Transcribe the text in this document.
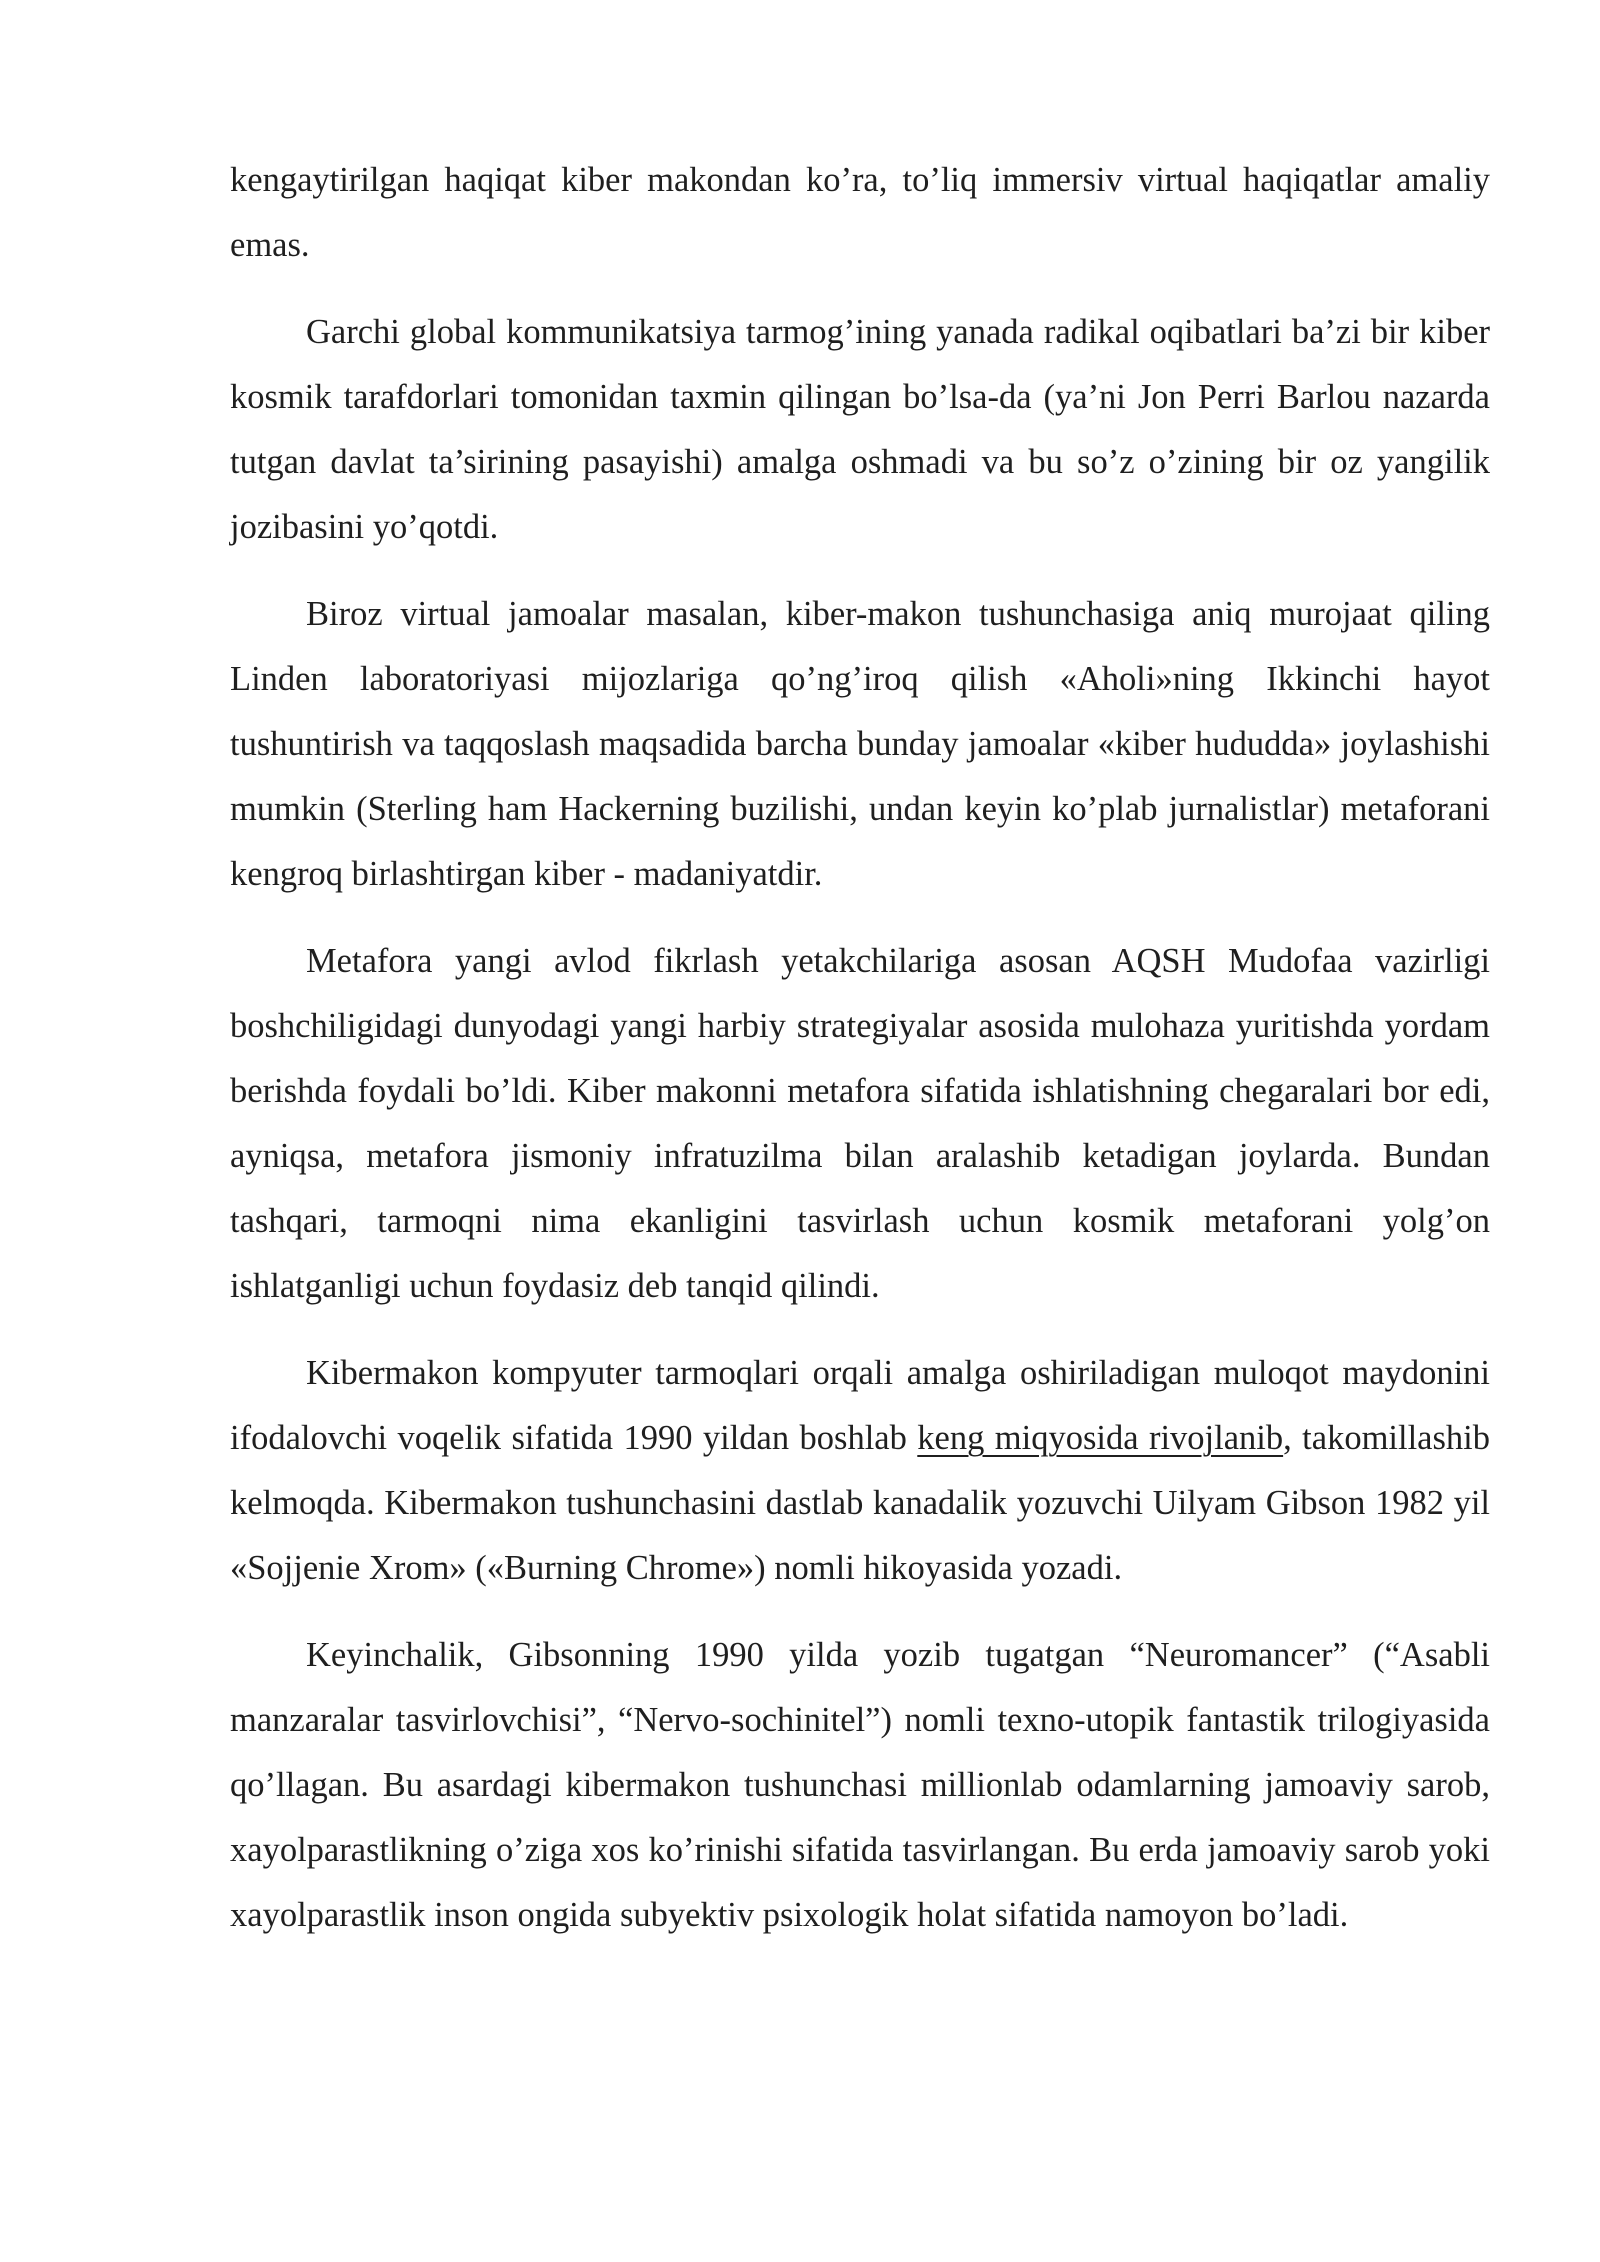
kengaytirilgan haqiqat kiber makondan ko’ra, to’liq immersiv virtual haqiqatlar amaliy emas.

Garchi global kommunikatsiya tarmog’ining yanada radikal oqibatlari ba’zi bir kiber kosmik tarafdorlari tomonidan taxmin qilingan bo’lsa-da (ya’ni Jon Perri Barlou nazarda tutgan davlat ta’sirining pasayishi) amalga oshmadi va bu so’z o’zining bir oz yangilik jozibasini yo’qotdi.

Biroz virtual jamoalar masalan, kiber-makon tushunchasiga aniq murojaat qiling Linden laboratoriyasi mijozlariga qo’ng’iroq qilish «Aholi»ning Ikkinchi hayot tushuntirish va taqqoslash maqsadida barcha bunday jamoalar «kiber hududda» joylashishi mumkin (Sterling ham Hackerning buzilishi, undan keyin ko’plab jurnalistlar) metaforani kengroq birlashtirgan kiber - madaniyatdir.

Metafora yangi avlod fikrlash yetakchilariga asosan AQSH Mudofaa vazirligi boshchiligidagi dunyodagi yangi harbiy strategiyalar asosida mulohaza yuritishda yordam berishda foydali bo’ldi. Kiber makonni metafora sifatida ishlatishning chegaralari bor edi, ayniqsa, metafora jismoniy infratuzilma bilan aralashib ketadigan joylarda. Bundan tashqari, tarmoqni nima ekanligini tasvirlash uchun kosmik metaforani yolg’on ishlatganligi uchun foydasiz deb tanqid qilindi.

Kibermakon kompyuter tarmoqlari orqali amalga oshiriladigan muloqot maydonini ifodalovchi voqelik sifatida 1990 yildan boshlab keng miqyosida rivojlanib, takomillashib kelmoqda. Kibermakon tushunchasini dastlab kanadalik yozuvchi Uilyam Gibson 1982 yil «Sojjenie Xrom» («Burning Chrome») nomli hikoyasida yozadi.

Keyinchalik, Gibsonning 1990 yilda yozib tugatgan “Neuromancer” (“Asabli manzaralar tasvirlovchisi”, “Nervo-sochinitel”) nomli texno-utopik fantastik trilogiyasida qo’llagan. Bu asardagi kibermakon tushunchasi millionlab odamlarning jamoaviy sarob, xayolparastlikning o’ziga xos ko’rinishi sifatida tasvirlangan. Bu erda jamoaviy sarob yoki xayolparastlik inson ongida subyektiv psixologik holat sifatida namoyon bo’ladi.
